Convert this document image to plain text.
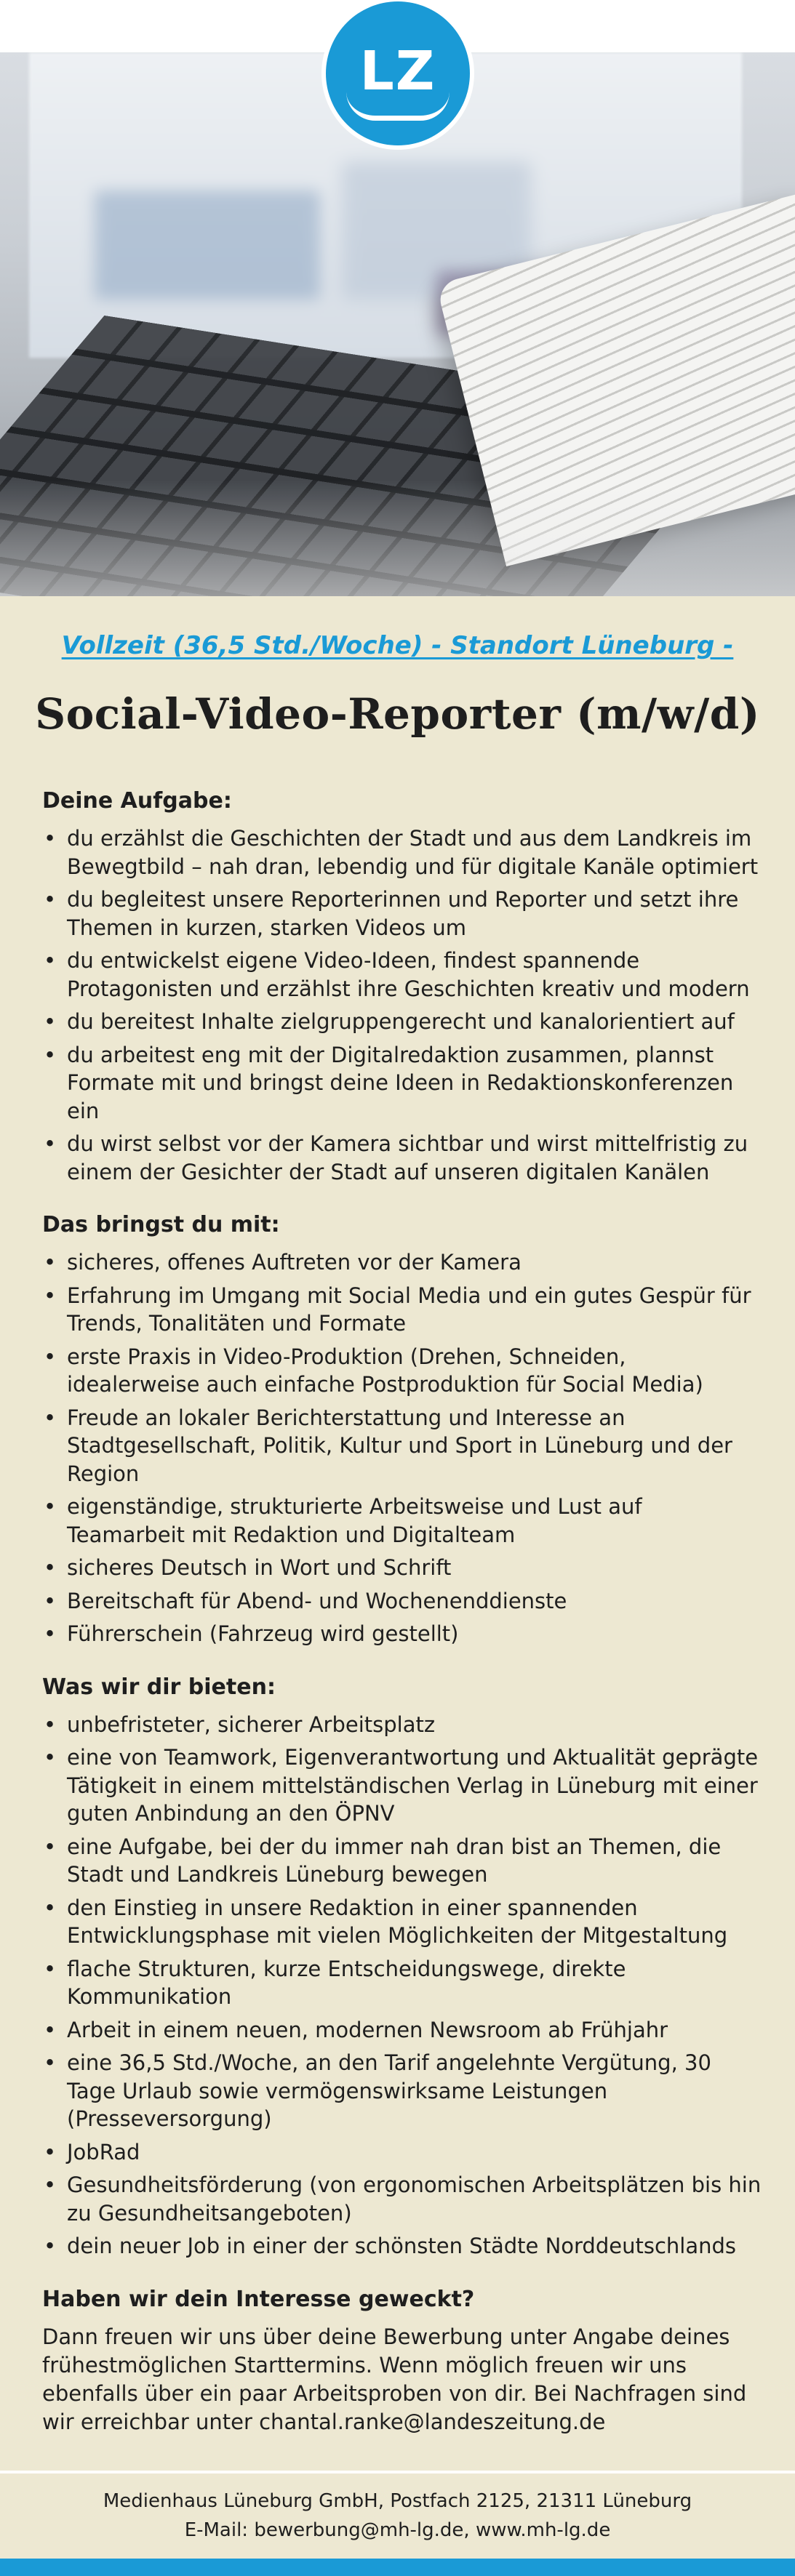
LZ
Vollzeit (36,5 Std./Woche) - Standort Lüneburg -
Social-Video-Reporter (m/w/d)
Deine Aufgabe:
• du erzählst die Geschichten der Stadt und aus dem Landkreis im Bewegtbild – nah dran, lebendig und für digitale Kanäle optimiert
• du begleitest unsere Reporterinnen und Reporter und setzt ihre Themen in kurzen, starken Videos um
• du entwickelst eigene Video-Ideen, findest spannende Protagonisten und erzählst ihre Geschichten kreativ und modern
• du bereitest Inhalte zielgruppengerecht und kanalorientiert auf
• du arbeitest eng mit der Digitalredaktion zusammen, plannst Formate mit und bringst deine Ideen in Redaktionskonferenzen ein
• du wirst selbst vor der Kamera sichtbar und wirst mittelfristig zu einem der Gesichter der Stadt auf unseren digitalen Kanälen
Das bringst du mit:
• sicheres, offenes Auftreten vor der Kamera
• Erfahrung im Umgang mit Social Media und ein gutes Gespür für Trends, Tonalitäten und Formate
• erste Praxis in Video-Produktion (Drehen, Schneiden, idealerweise auch einfache Postproduktion für Social Media)
• Freude an lokaler Berichterstattung und Interesse an Stadtgesellschaft, Politik, Kultur und Sport in Lüneburg und der Region
• eigenständige, strukturierte Arbeitsweise und Lust auf Teamarbeit mit Redaktion und Digitalteam
• sicheres Deutsch in Wort und Schrift
• Bereitschaft für Abend- und Wochenenddienste
• Führerschein (Fahrzeug wird gestellt)
Was wir dir bieten:
• unbefristeter, sicherer Arbeitsplatz
• eine von Teamwork, Eigenverantwortung und Aktualität geprägte Tätigkeit in einem mittelständischen Verlag in Lüneburg mit einer guten Anbindung an den ÖPNV
• eine Aufgabe, bei der du immer nah dran bist an Themen, die Stadt und Landkreis Lüneburg bewegen
• den Einstieg in unsere Redaktion in einer spannenden Entwicklungsphase mit vielen Möglichkeiten der Mitgestaltung
• flache Strukturen, kurze Entscheidungswege, direkte Kommunikation
• Arbeit in einem neuen, modernen Newsroom ab Frühjahr
• eine 36,5 Std./Woche, an den Tarif angelehnte Vergütung, 30 Tage Urlaub sowie vermögenswirksame Leistungen (Presseversorgung)
• JobRad
• Gesundheitsförderung (von ergonomischen Arbeitsplätzen bis hin zu Gesundheitsangeboten)
• dein neuer Job in einer der schönsten Städte Norddeutschlands
Haben wir dein Interesse geweckt?

Dann freuen wir uns über deine Bewerbung unter Angabe deines frühestmöglichen Starttermins. Wenn möglich freuen wir uns ebenfalls über ein paar Arbeitsproben von dir. Bei Nachfragen sind wir erreichbar unter chantal.ranke@landeszeitung.de

Medienhaus Lüneburg GmbH, Postfach 2125, 21311 Lüneburg
E-Mail: bewerbung@mh-lg.de, www.mh-lg.de
